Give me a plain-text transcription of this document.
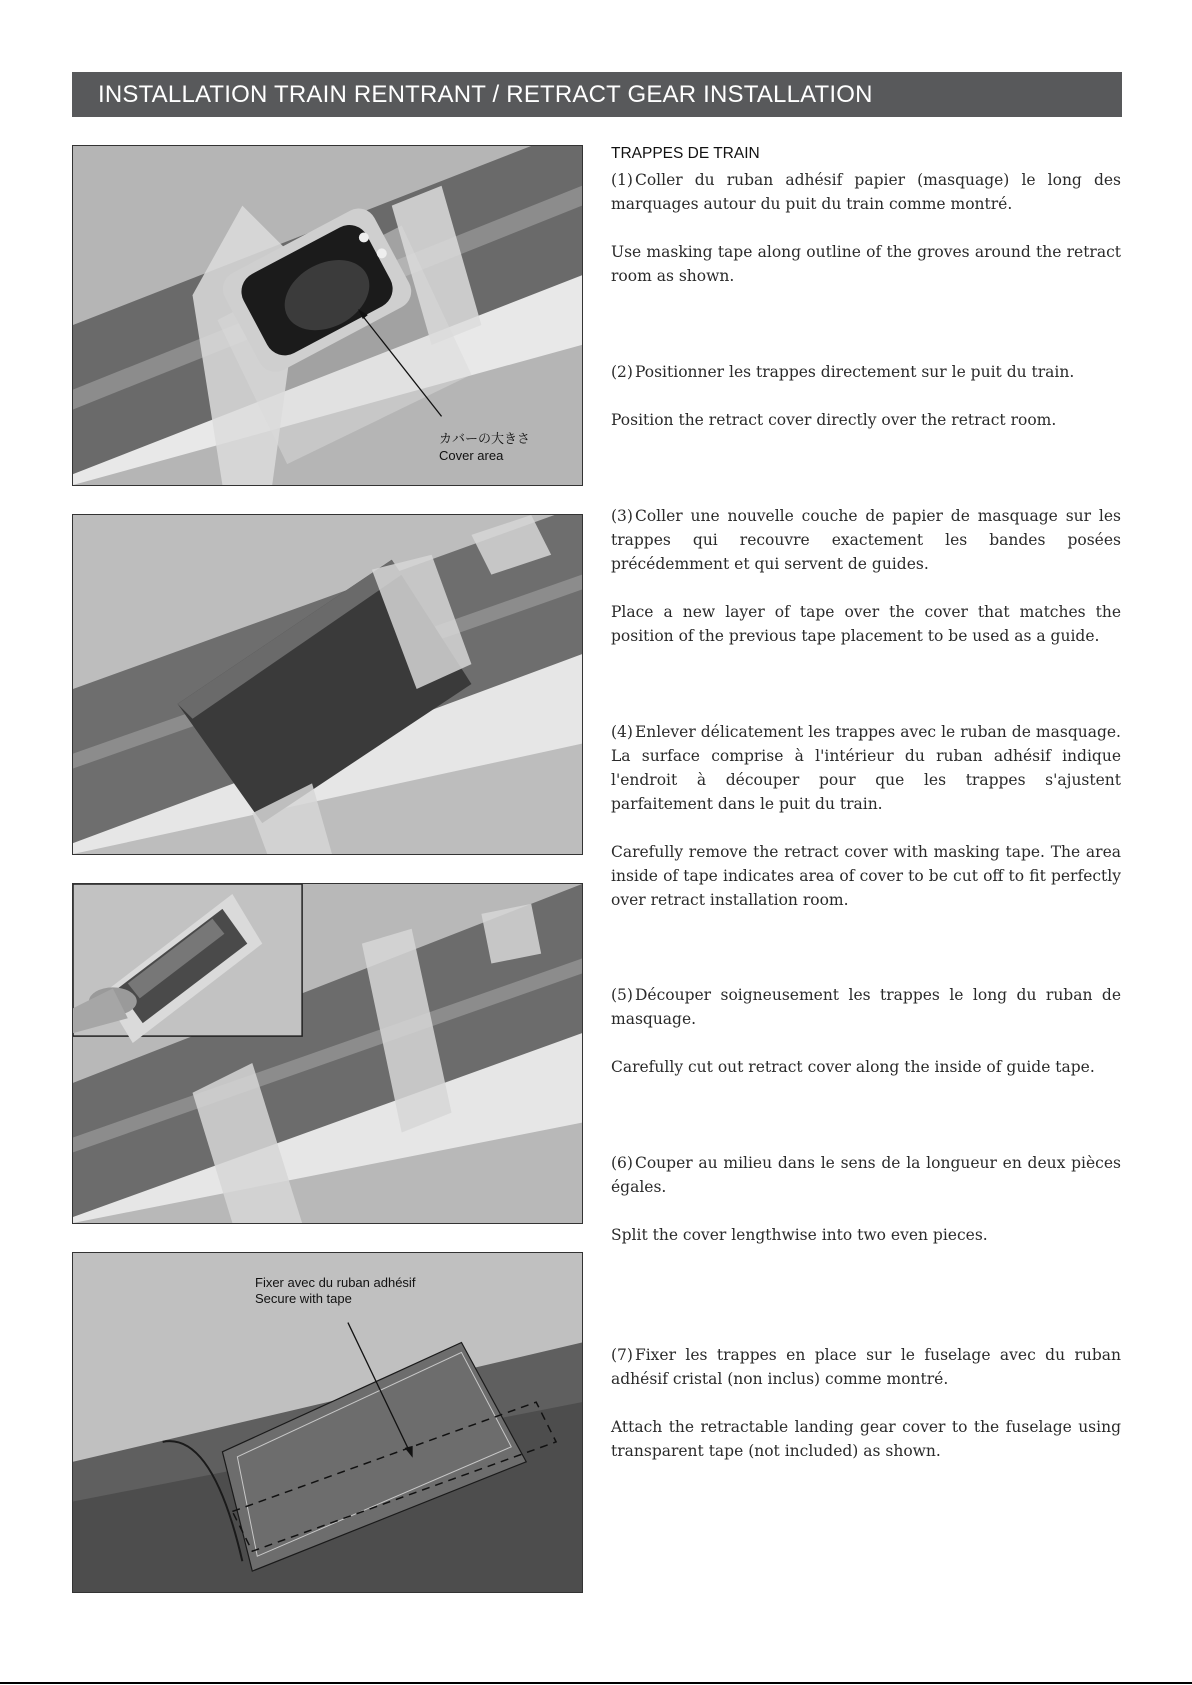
INSTALLATION TRAIN RENTRANT / RETRACT GEAR INSTALLATION
カバーの大きさ
Cover area
Fixer avec du ruban adhésif
Secure with tape
TRAPPES DE TRAIN

(1) Coller du ruban adhésif papier (masquage) le long des marquages autour du puit du train comme montré.

Use masking tape along outline of the groves around the retract room as shown.

(2) Positionner les trappes directement sur le puit du train.

Position the retract cover directly over the retract room.

(3) Coller une nouvelle couche de papier de masquage sur les trappes qui recouvre exactement les bandes posées précédemment et qui servent de guides.

Place a new layer of tape over the cover that matches the position of the previous tape placement to be used as a guide.

(4) Enlever délicatement les trappes avec le ruban de masquage. La surface comprise à l'intérieur du ruban adhésif indique l'endroit à découper pour que les trappes s'ajustent parfaitement dans le puit du train.

Carefully remove the retract cover with masking tape. The area inside of tape indicates area of cover to be cut off to fit perfectly over retract installation room.

(5) Découper soigneusement les trappes le long du ruban de masquage.

Carefully cut out retract cover along the inside of guide tape.

(6) Couper au milieu dans le sens de la longueur en deux pièces égales.

Split the cover lengthwise into two even pieces.

(7) Fixer les trappes en place sur le fuselage avec du ruban adhésif cristal (non inclus) comme montré.

Attach the retractable landing gear cover to the fuselage using transparent tape (not included) as shown.
